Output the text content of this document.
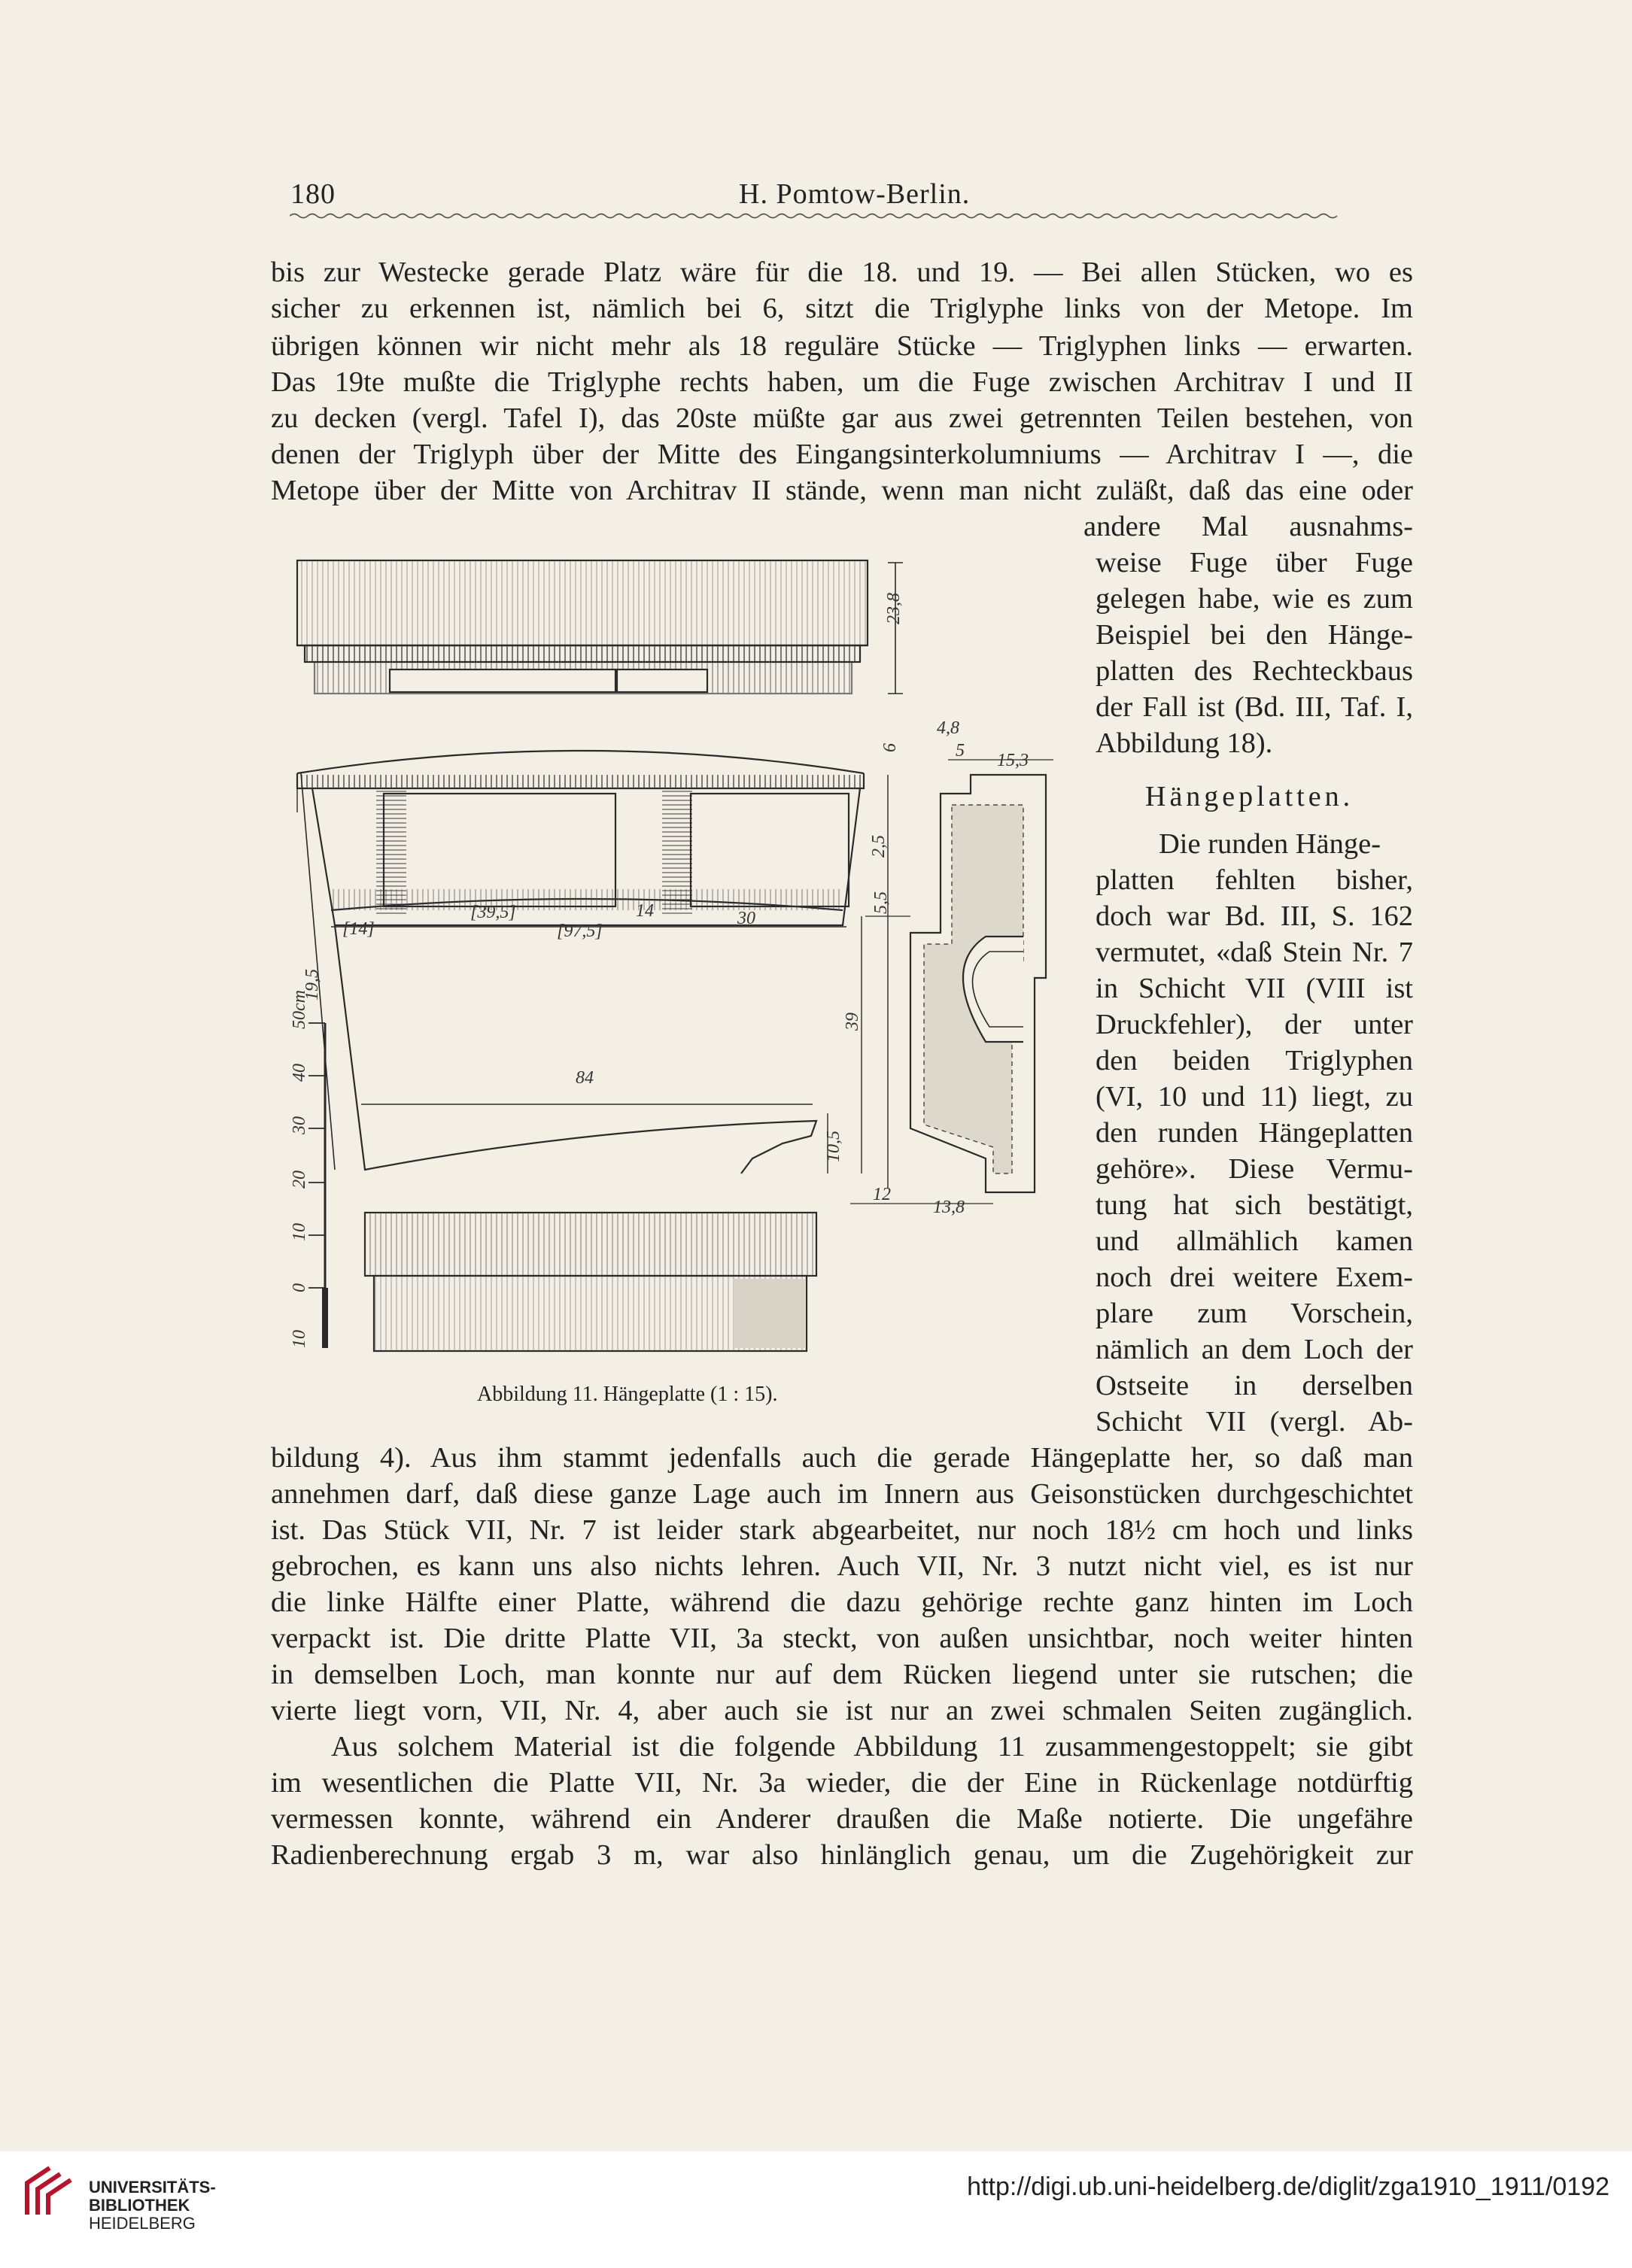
180	H. Pomtow-Berlin.
bis zur Westecke gerade Platz wäre für die 18. und 19. — Bei allen Stücken, wo es
sicher zu erkennen ist, nämlich bei 6, sitzt die Triglyphe links von der Metope. Im
übrigen können wir nicht mehr als 18 reguläre Stücke — Triglyphen links — erwarten.
Das 19te mußte die Triglyphe rechts haben, um die Fuge zwischen Architrav I und II
zu decken (vergl. Tafel I), das 20ste müßte gar aus zwei getrennten Teilen bestehen, von
denen der Triglyph über der Mitte des Eingangsinterkolumniums — Architrav I —, die
Metope über der Mitte von Architrav II stände, wenn man nicht zuläßt, daß das eine oder
andere Mal ausnahms-
weise Fuge über Fuge
gelegen habe, wie es zum
Beispiel bei den Hänge-
platten des Rechteckbaus
der Fall ist (Bd. III, Taf. I,
Abbildung 18).
Hängeplatten.
Die runden Hänge-
platten fehlten bisher,
doch war Bd. III, S. 162
vermutet, «daß Stein Nr. 7
in Schicht VII (VIII ist
Druckfehler), der unter
den beiden Triglyphen
(VI, 10 und 11) liegt, zu
den runden Hängeplatten
gehöre». Diese Vermu-
tung hat sich bestätigt,
und allmählich kamen
noch drei weitere Exem-
plare zum Vorschein,
nämlich an dem Loch der
Ostseite in derselben
Schicht VII (vergl. Ab-
bildung 4). Aus ihm stammt jedenfalls auch die gerade Hängeplatte her, so daß man
annehmen darf, daß diese ganze Lage auch im Innern aus Geisonstücken durchgeschichtet
ist. Das Stück VII, Nr. 7 ist leider stark abgearbeitet, nur noch 18½ cm hoch und links
gebrochen, es kann uns also nichts lehren. Auch VII, Nr. 3 nutzt nicht viel, es ist nur
die linke Hälfte einer Platte, während die dazu gehörige rechte ganz hinten im Loch
verpackt ist. Die dritte Platte VII, 3a steckt, von außen unsichtbar, noch weiter hinten
in demselben Loch, man konnte nur auf dem Rücken liegend unter sie rutschen; die
vierte liegt vorn, VII, Nr. 4, aber auch sie ist nur an zwei schmalen Seiten zugänglich.
Aus solchem Material ist die folgende Abbildung 11 zusammengestoppelt; sie gibt
im wesentlichen die Platte VII, Nr. 3a wieder, die der Eine in Rückenlage notdürftig
vermessen konnte, während ein Anderer draußen die Maße notierte. Die ungefähre
Radienberechnung ergab 3 m, war also hinlänglich genau, um die Zugehörigkeit zur
23,8
4,8
5 15,3
6
[39,5]
[97,5]
[14]
14	30
19,5
84
2,5
5,5
39
10,5
12
13,8
50cm
40
30
20
10
0
10
Abbildung 11. Hängeplatte (1 : 15).
UNIVERSITÄTS-
BIBLIOTHEK
HEIDELBERG
http://digi.ub.uni-heidelberg.de/diglit/zga1910_1911/0192
